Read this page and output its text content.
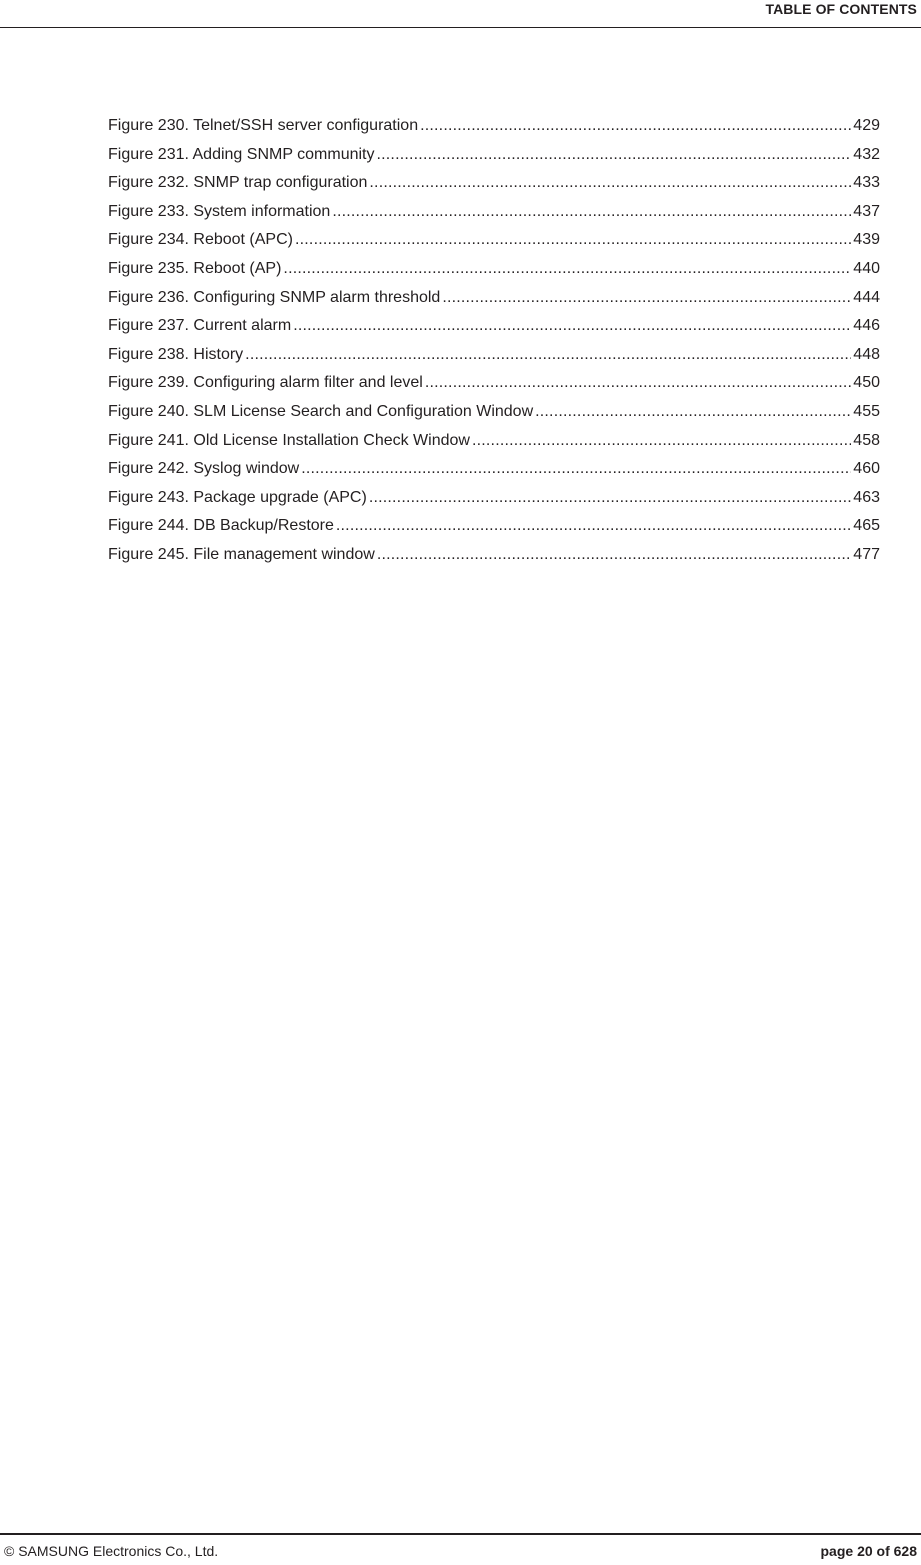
TABLE OF CONTENTS
Figure 230. Telnet/SSH server configuration .....	429
Figure 231. Adding SNMP community .....	432
Figure 232. SNMP trap configuration .....	433
Figure 233. System information .....	437
Figure 234. Reboot (APC) .....	439
Figure 235. Reboot (AP) .....	440
Figure 236. Configuring SNMP alarm threshold .....	444
Figure 237. Current alarm .....	446
Figure 238. History .....	448
Figure 239. Configuring alarm filter and level .....	450
Figure 240. SLM License Search and Configuration Window .....	455
Figure 241. Old License Installation Check Window .....	458
Figure 242. Syslog window .....	460
Figure 243. Package upgrade (APC) .....	463
Figure 244. DB Backup/Restore .....	465
Figure 245. File management window .....	477
© SAMSUNG Electronics Co., Ltd.	page 20 of 628
